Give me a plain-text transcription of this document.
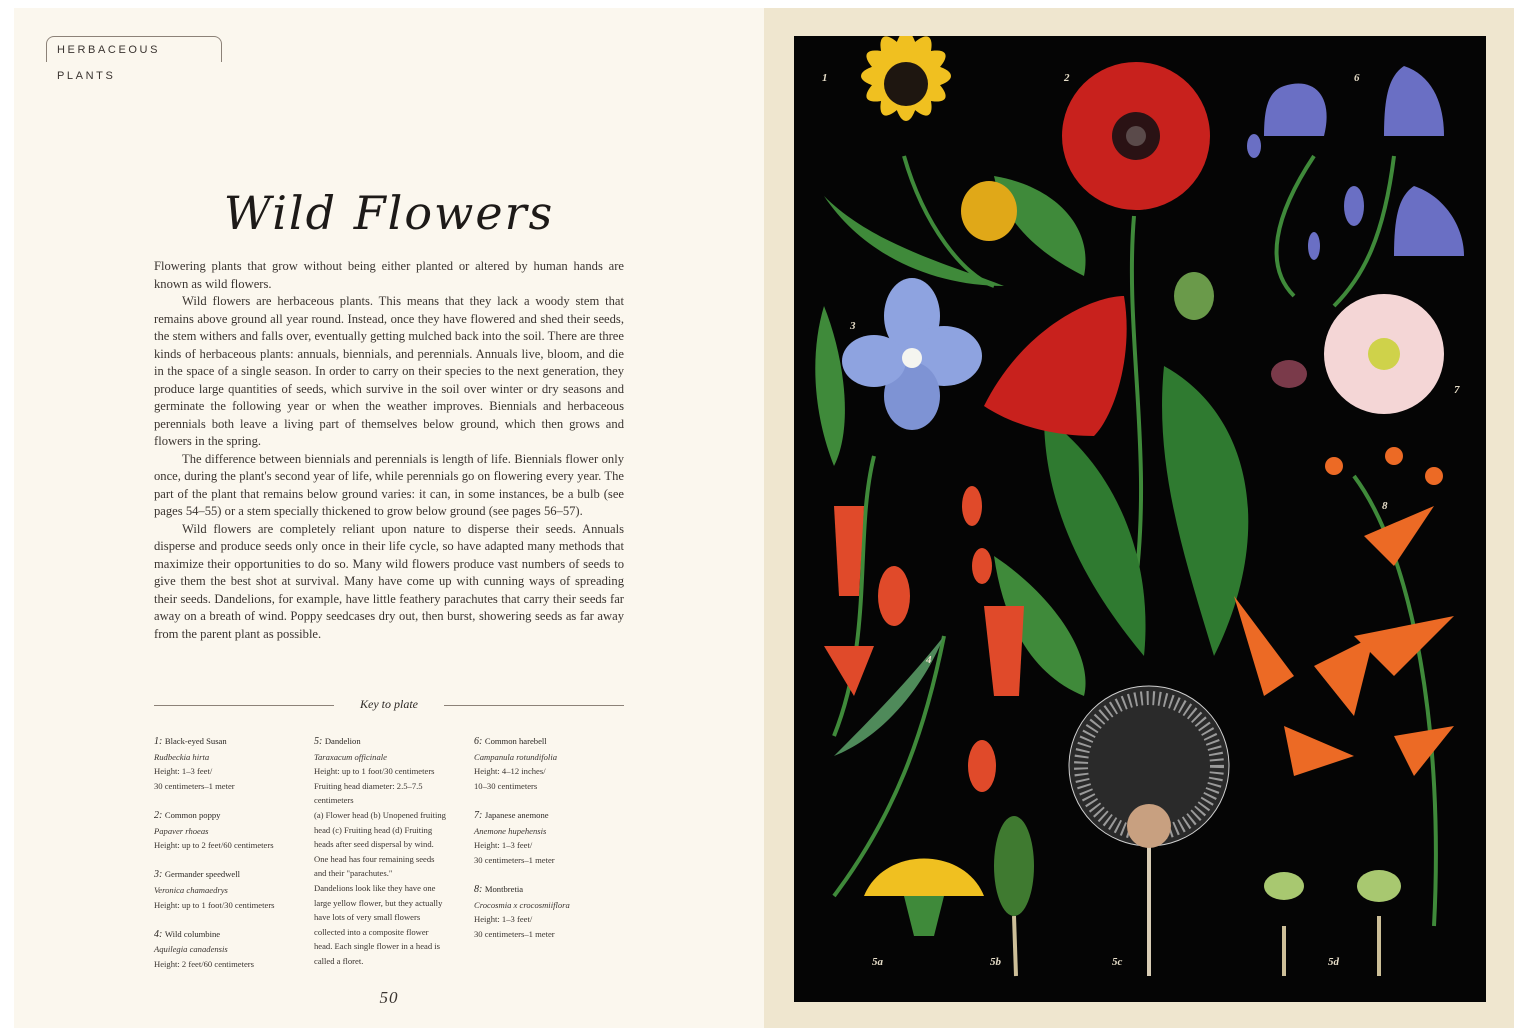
HERBACEOUS PLANTS
Wild Flowers

Flowering plants that grow without being either planted or altered by human hands are known as wild flowers.

Wild flowers are herbaceous plants. This means that they lack a woody stem that remains above ground all year round. Instead, once they have flowered and shed their seeds, the stem withers and falls over, eventually getting mulched back into the soil. There are three kinds of herbaceous plants: annuals, biennials, and perennials. Annuals live, bloom, and die in the space of a single season. In order to carry on their species to the next generation, they produce large quantities of seeds, which survive in the soil over winter or dry seasons and germinate the following year or when the weather improves. Biennials and herbaceous perennials both leave a living part of themselves below ground, which then grows and flowers in the spring.

The difference between biennials and perennials is length of life. Biennials flower only once, during the plant's second year of life, while perennials go on flowering every year. The part of the plant that remains below ground varies: it can, in some instances, be a bulb (see pages 54–55) or a stem specially thickened to grow below ground (see pages 56–57).

Wild flowers are completely reliant upon nature to disperse their seeds. Annuals disperse and produce seeds only once in their life cycle, so have adapted many methods that maximize their opportunities to do so. Many wild flowers produce vast numbers of seeds to give them the best shot at survival. Many have come up with cunning ways of spreading their seeds. Dandelions, for example, have little feathery parachutes that carry their seeds far away on a breath of wind. Poppy seedcases dry out, then burst, showering seeds as far away from the parent plant as possible.

Key to plate
1: Black-eyed Susan
Rudbeckia hirta
Height: 1–3 feet/
30 centimeters–1 meter
2: Common poppy
Papaver rhoeas
Height: up to 2 feet/60 centimeters
3: Germander speedwell
Veronica chamaedrys
Height: up to 1 foot/30 centimeters
4: Wild columbine
Aquilegia canadensis
Height: 2 feet/60 centimeters
5: Dandelion
Taraxacum officinale
Height: up to 1 foot/30 centimeters
Fruiting head diameter: 2.5–7.5
centimeters
(a) Flower head (b) Unopened fruiting
head (c) Fruiting head (d) Fruiting
heads after seed dispersal by wind.
One head has four remaining seeds
and their "parachutes."
Dandelions look like they have one
large yellow flower, but they actually
have lots of very small flowers
collected into a composite flower
head. Each single flower in a head is
called a floret.
6: Common harebell
Campanula rotundifolia
Height: 4–12 inches/
10–30 centimeters
7: Japanese anemone
Anemone hupehensis
Height: 1–3 feet/
30 centimeters–1 meter
8: Montbretia
Crocosmia x crocosmiiflora
Height: 1–3 feet/
30 centimeters–1 meter
50
1	2
3
4
6
7
8
5a	5b	5c	5d
